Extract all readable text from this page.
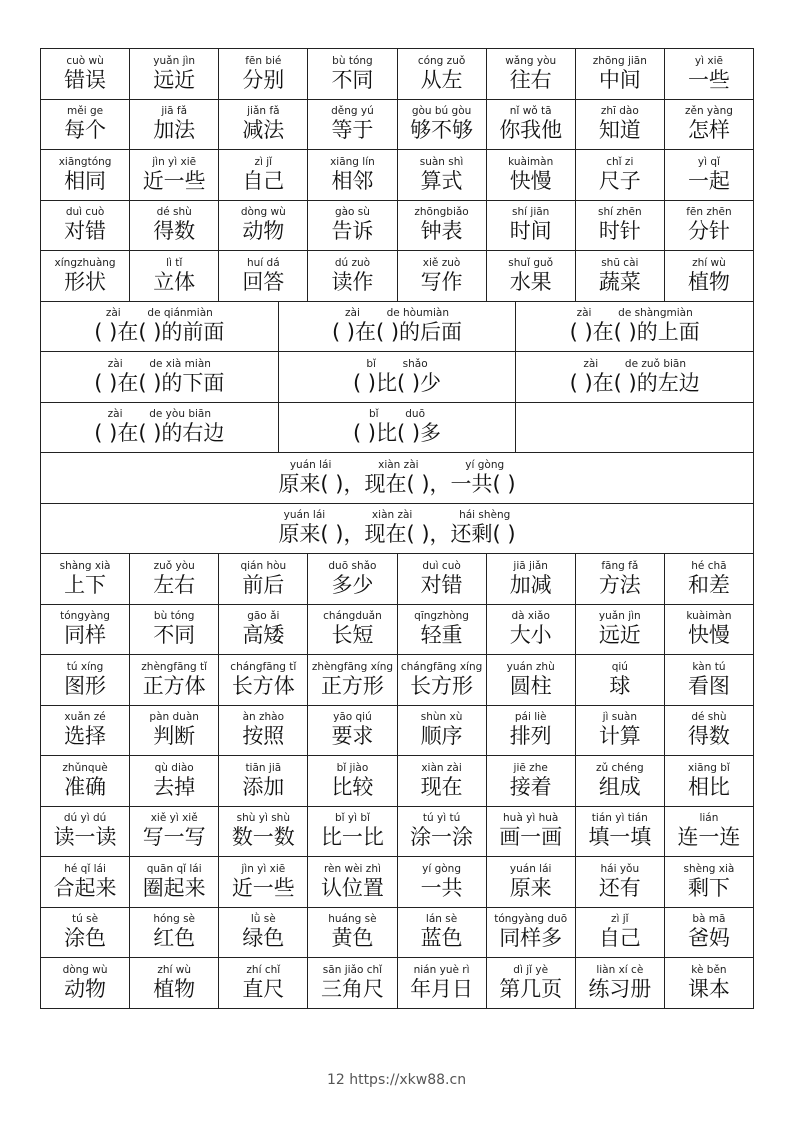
cuò wù
错误
yuǎn jìn
远近
fēn bié
分别
bù tóng
不同
cóng zuǒ
从左
wǎng yòu
往右
zhōng jiān
中间
yì xiē
一些
měi ge
每个
jiā fǎ
加法
jiǎn fǎ
减法
děng yú
等于
gòu bú gòu
够不够
nǐ wǒ tā
你我他
zhī dào
知道
zěn yàng
怎样
xiāngtóng
相同
jìn yì xiē
近一些
zì jǐ
自己
xiāng lín
相邻
suàn shì
算式
kuàimàn
快慢
chǐ zi
尺子
yì qǐ
一起
duì cuò
对错
dé shù
得数
dòng wù
动物
gào sù
告诉
zhōngbiǎo
钟表
shí jiān
时间
shí zhēn
时针
fēn zhēn
分针
xíngzhuàng
形状
lì tǐ
立体
huí dá
回答
dú zuò
读作
xiě zuò
写作
shuǐ guǒ
水果
shū cài
蔬菜
zhí wù
植物
zài        de qiánmiàn
( )在( )的前面
zài        de hòumiàn
( )在( )的后面
zài        de shàngmiàn
( )在( )的上面
zài        de xià miàn
( )在( )的下面
bǐ        shǎo
( )比( )少
zài        de zuǒ biān
( )在( )的左边
zài        de yòu biān
( )在( )的右边
bǐ        duō
( )比( )多
yuán lái              xiàn zài              yí gòng
原来( )，现在( )，一共( )
yuán lái              xiàn zài              hái shèng
原来( )，现在( )，还剩( )
shàng xià
上下
zuǒ yòu
左右
qián hòu
前后
duō shǎo
多少
duì cuò
对错
jiā jiǎn
加减
fāng fǎ
方法
hé chā
和差
tóngyàng
同样
bù tóng
不同
gāo ǎi
高矮
chángduǎn
长短
qīngzhòng
轻重
dà xiǎo
大小
yuǎn jìn
远近
kuàimàn
快慢
tú xíng
图形
zhèngfāng tǐ
正方体
chángfāng tǐ
长方体
zhèngfāng xíng
正方形
chángfāng xíng
长方形
yuán zhù
圆柱
qiú
球
kàn tú
看图
xuǎn zé
选择
pàn duàn
判断
àn zhào
按照
yāo qiú
要求
shùn xù
顺序
pái liè
排列
jì suàn
计算
dé shù
得数
zhǔnquè
准确
qù diào
去掉
tiān jiā
添加
bǐ jiào
比较
xiàn zài
现在
jiē zhe
接着
zǔ chéng
组成
xiāng bǐ
相比
dú yì dú
读一读
xiě yì xiě
写一写
shù yì shù
数一数
bǐ yì bǐ
比一比
tú yì tú
涂一涂
huà yì huà
画一画
tián yì tián
填一填
lián
连一连
hé qǐ lái
合起来
quān qǐ lái
圈起来
jìn yì xiē
近一些
rèn wèi zhì
认位置
yí gòng
一共
yuán lái
原来
hái yǒu
还有
shèng xià
剩下
tú sè
涂色
hóng sè
红色
lǜ sè
绿色
huáng sè
黄色
lán sè
蓝色
tóngyàng duō
同样多
zì jǐ
自己
bà mā
爸妈
dòng wù
动物
zhí wù
植物
zhí chǐ
直尺
sān jiǎo chǐ
三角尺
nián yuè rì
年月日
dì jǐ yè
第几页
liàn xí cè
练习册
kè běn
课本
12 https://xkw88.cn
